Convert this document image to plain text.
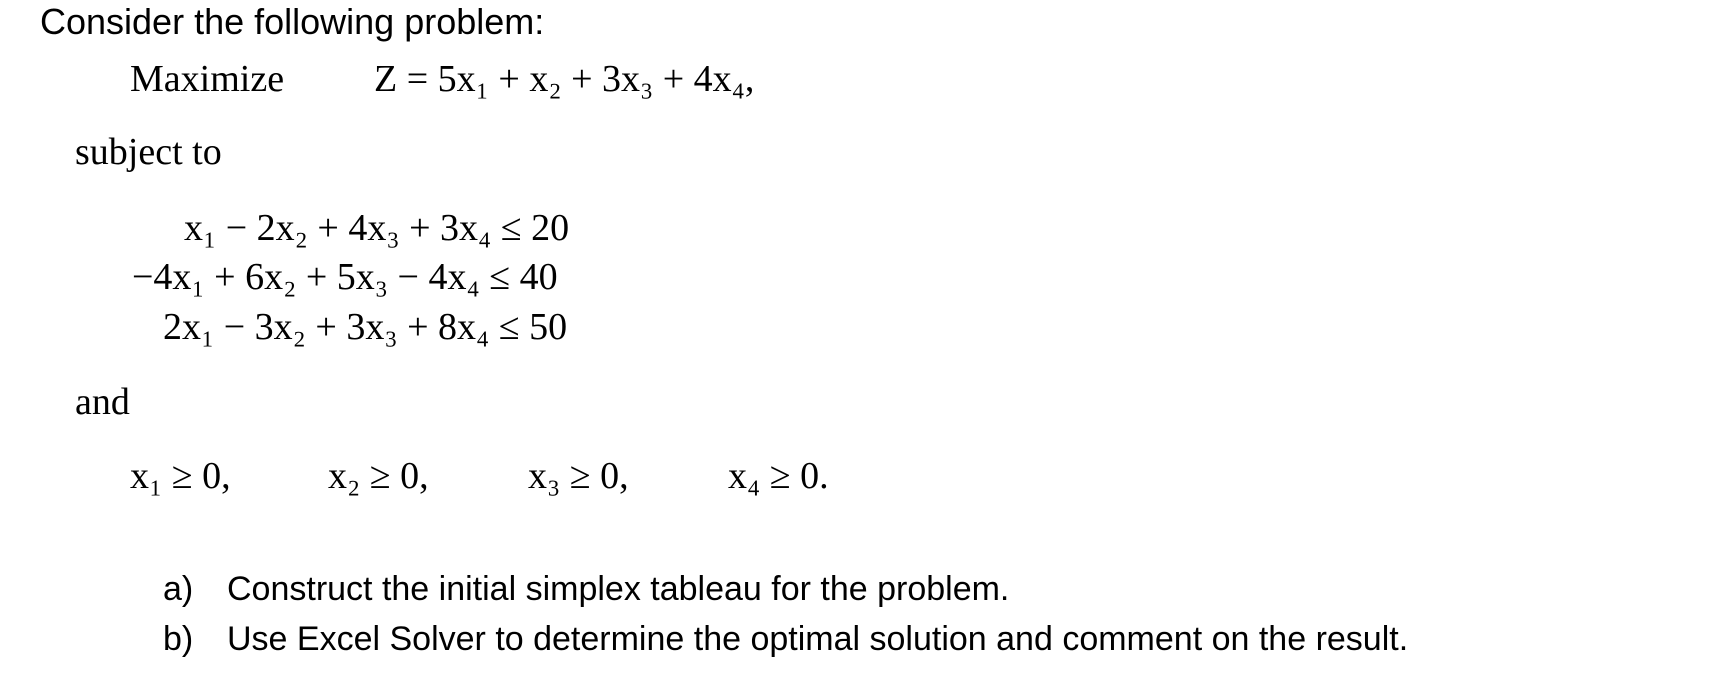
Consider the following problem:
Maximize Z = 5x₁ + x₂ + 3x₃ + 4x₄,
subject to
x₁ − 2x₂ + 4x₃ + 3x₄ ≤ 20
−4x₁ + 6x₂ + 5x₃ − 4x₄ ≤ 40
2x₁ − 3x₂ + 3x₃ + 8x₄ ≤ 50
and
x₁ ≥ 0,	x₂ ≥ 0,	x₃ ≥ 0,	x₄ ≥ 0.
a) Construct the initial simplex tableau for the problem.
b) Use Excel Solver to determine the optimal solution and comment on the result.
